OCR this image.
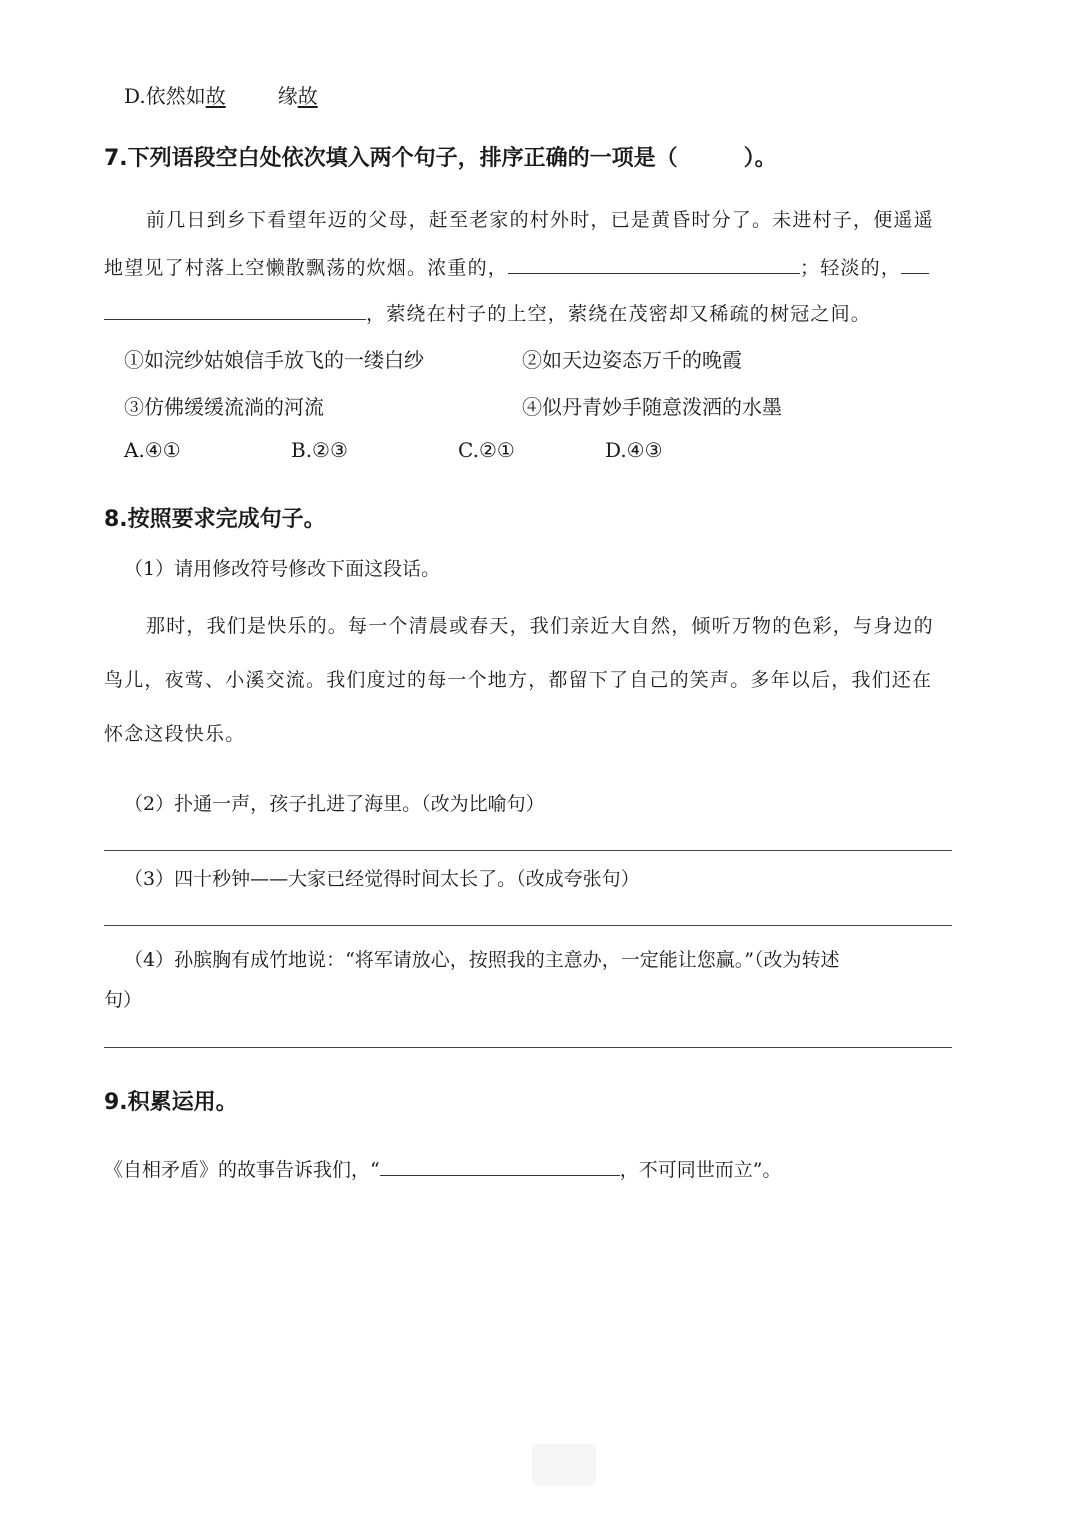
D.依然如故	缘故
7.下列语段空白处依次填入两个句子，排序正确的一项是（　　　）。
前几日到乡下看望年迈的父母，赶至老家的村外时，已是黄昏时分了。未进村子，便遥遥
地望见了村落上空懒散飘荡的炊烟。浓重的，	；轻淡的，
，萦绕在村子的上空，萦绕在茂密却又稀疏的树冠之间。
①如浣纱姑娘信手放飞的一缕白纱	②如天边姿态万千的晚霞
③仿佛缓缓流淌的河流	④似丹青妙手随意泼洒的水墨
A.④①	B.②③	C.②①	D.④③
8.按照要求完成句子。
（1）请用修改符号修改下面这段话。
那时，我们是快乐的。每一个清晨或春天，我们亲近大自然，倾听万物的色彩，与身边的
鸟儿，夜莺、小溪交流。我们度过的每一个地方，都留下了自己的笑声。多年以后，我们还在
怀念这段快乐。
（2）扑通一声，孩子扎进了海里。（改为比喻句）
（3）四十秒钟——大家已经觉得时间太长了。（改成夸张句）
（4）孙膑胸有成竹地说：“将军请放心，按照我的主意办，一定能让您赢。”（改为转述
句）
9.积累运用。
《自相矛盾》的故事告诉我们，“	，不可同世而立”。
